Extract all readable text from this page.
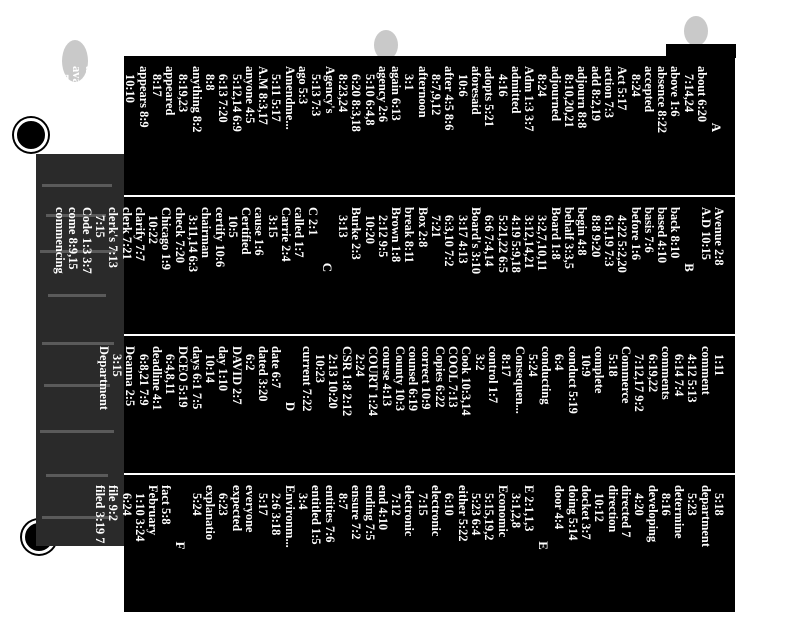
A
about 6:20
7:14,24
above 1:6
absence 8:22
accepted
8:24
Act 5:17
action 7:3
add 8:2,19
adjourn 8:8
8:10,20,21
adjourned
8:24
Adm 1:3 3:7
admitted
4:16
adopts 5:21
aforesaid
10:6
after 4:5 8:6
8:7,9,12
afternoon
3:1
again 6:13
agency 2:6
5:10 6:4,8
6:20 8:3,18
8:23,24
Agency's
5:13 7:3
ago 5:3
Amendme...
5:11 5:17
A.M 8:3,17
anyone 4:5
5:12,14 6:9
6:13 7:20
8:8
anything 8:2
8:19,23
appeared
8:17
appears 8:9
10:10
arrives 8:8
aspects 8:1
assist 4:20
available
5:24 6:23
Avenue 2:8
A.D 10:15
B
back 8:10
based 4:10
basis 7:6
before 1:6
4:22 5:2,20
6:1,19 7:3
8:8 9:20
begin 4:8
behalf 3:3,5
Board 1:8
3:2,7,10,11
3:12,14,21
4:19 5:9,18
5:21,22 6:5
6:6 7:4,14
Board's 3:10
3:17 4:13
6:3,10 7:2
7:21
Box 2:8
break 8:11
Brown 1:8
2:12 9:5
10:20
Burke 2:3
3:13
C
C 2:1
called 1:7
Carrie 2:4
3:15
cause 1:6
Certified
10:5
certify 10:6
chairman
3:11,14 6:3
check 7:20
Chicago 1:9
10:22
clarify 7:7
clerk 7:21
clerk's 7:13
7:15
Code 1:3 3:7
come 8:9,15
commencing
1:11
comment
4:12 5:13
6:14 7:4
comments
6:19,22
7:12,17 9:2
Commerce
5:18
complete
10:9
conduct 5:19
6:4
conducting
5:24
Consequen...
8:17
control 1:7
3:2
Cook 10:3,14
COOL 7:13
Copies 6:22
correct 10:9
counsel 6:19
County 10:3
course 4:13
COURT 1:24
2:24
CSR 1:8 2:12
2:13 10:20
10:23
current 7:22
D
date 6:7
dated 3:20
6:2
DAVID 2:7
day 1:10
10:14
days 6:1 7:5
DCEO 5:19
6:4,8,11
deadline 4:1
6:8,21 7:9
Deanna 2:5
3:15
Department
5:18
department
5:23
determine
8:16
developing
4:20
directed 7
direction
10:12
docket 3:7
doing 5:14
door 4:4
E
E 2:1,1,3
3:1,2,8
Economic
5:15,19,2
5:23 6:4
either 5:22
6:10
electronic
7:15
electronic
7:12
end 4:10
ending 7:5
ensure 7:2
8:7
entities 7:6
entitled 1:5
3:4
Environm...
2:6 3:18
5:17
everyone
expected
6:23
explanatio
5:24
F
fact 5:8
February
1:10 3:24
6:24
file 9:2
filed 3:19 7
